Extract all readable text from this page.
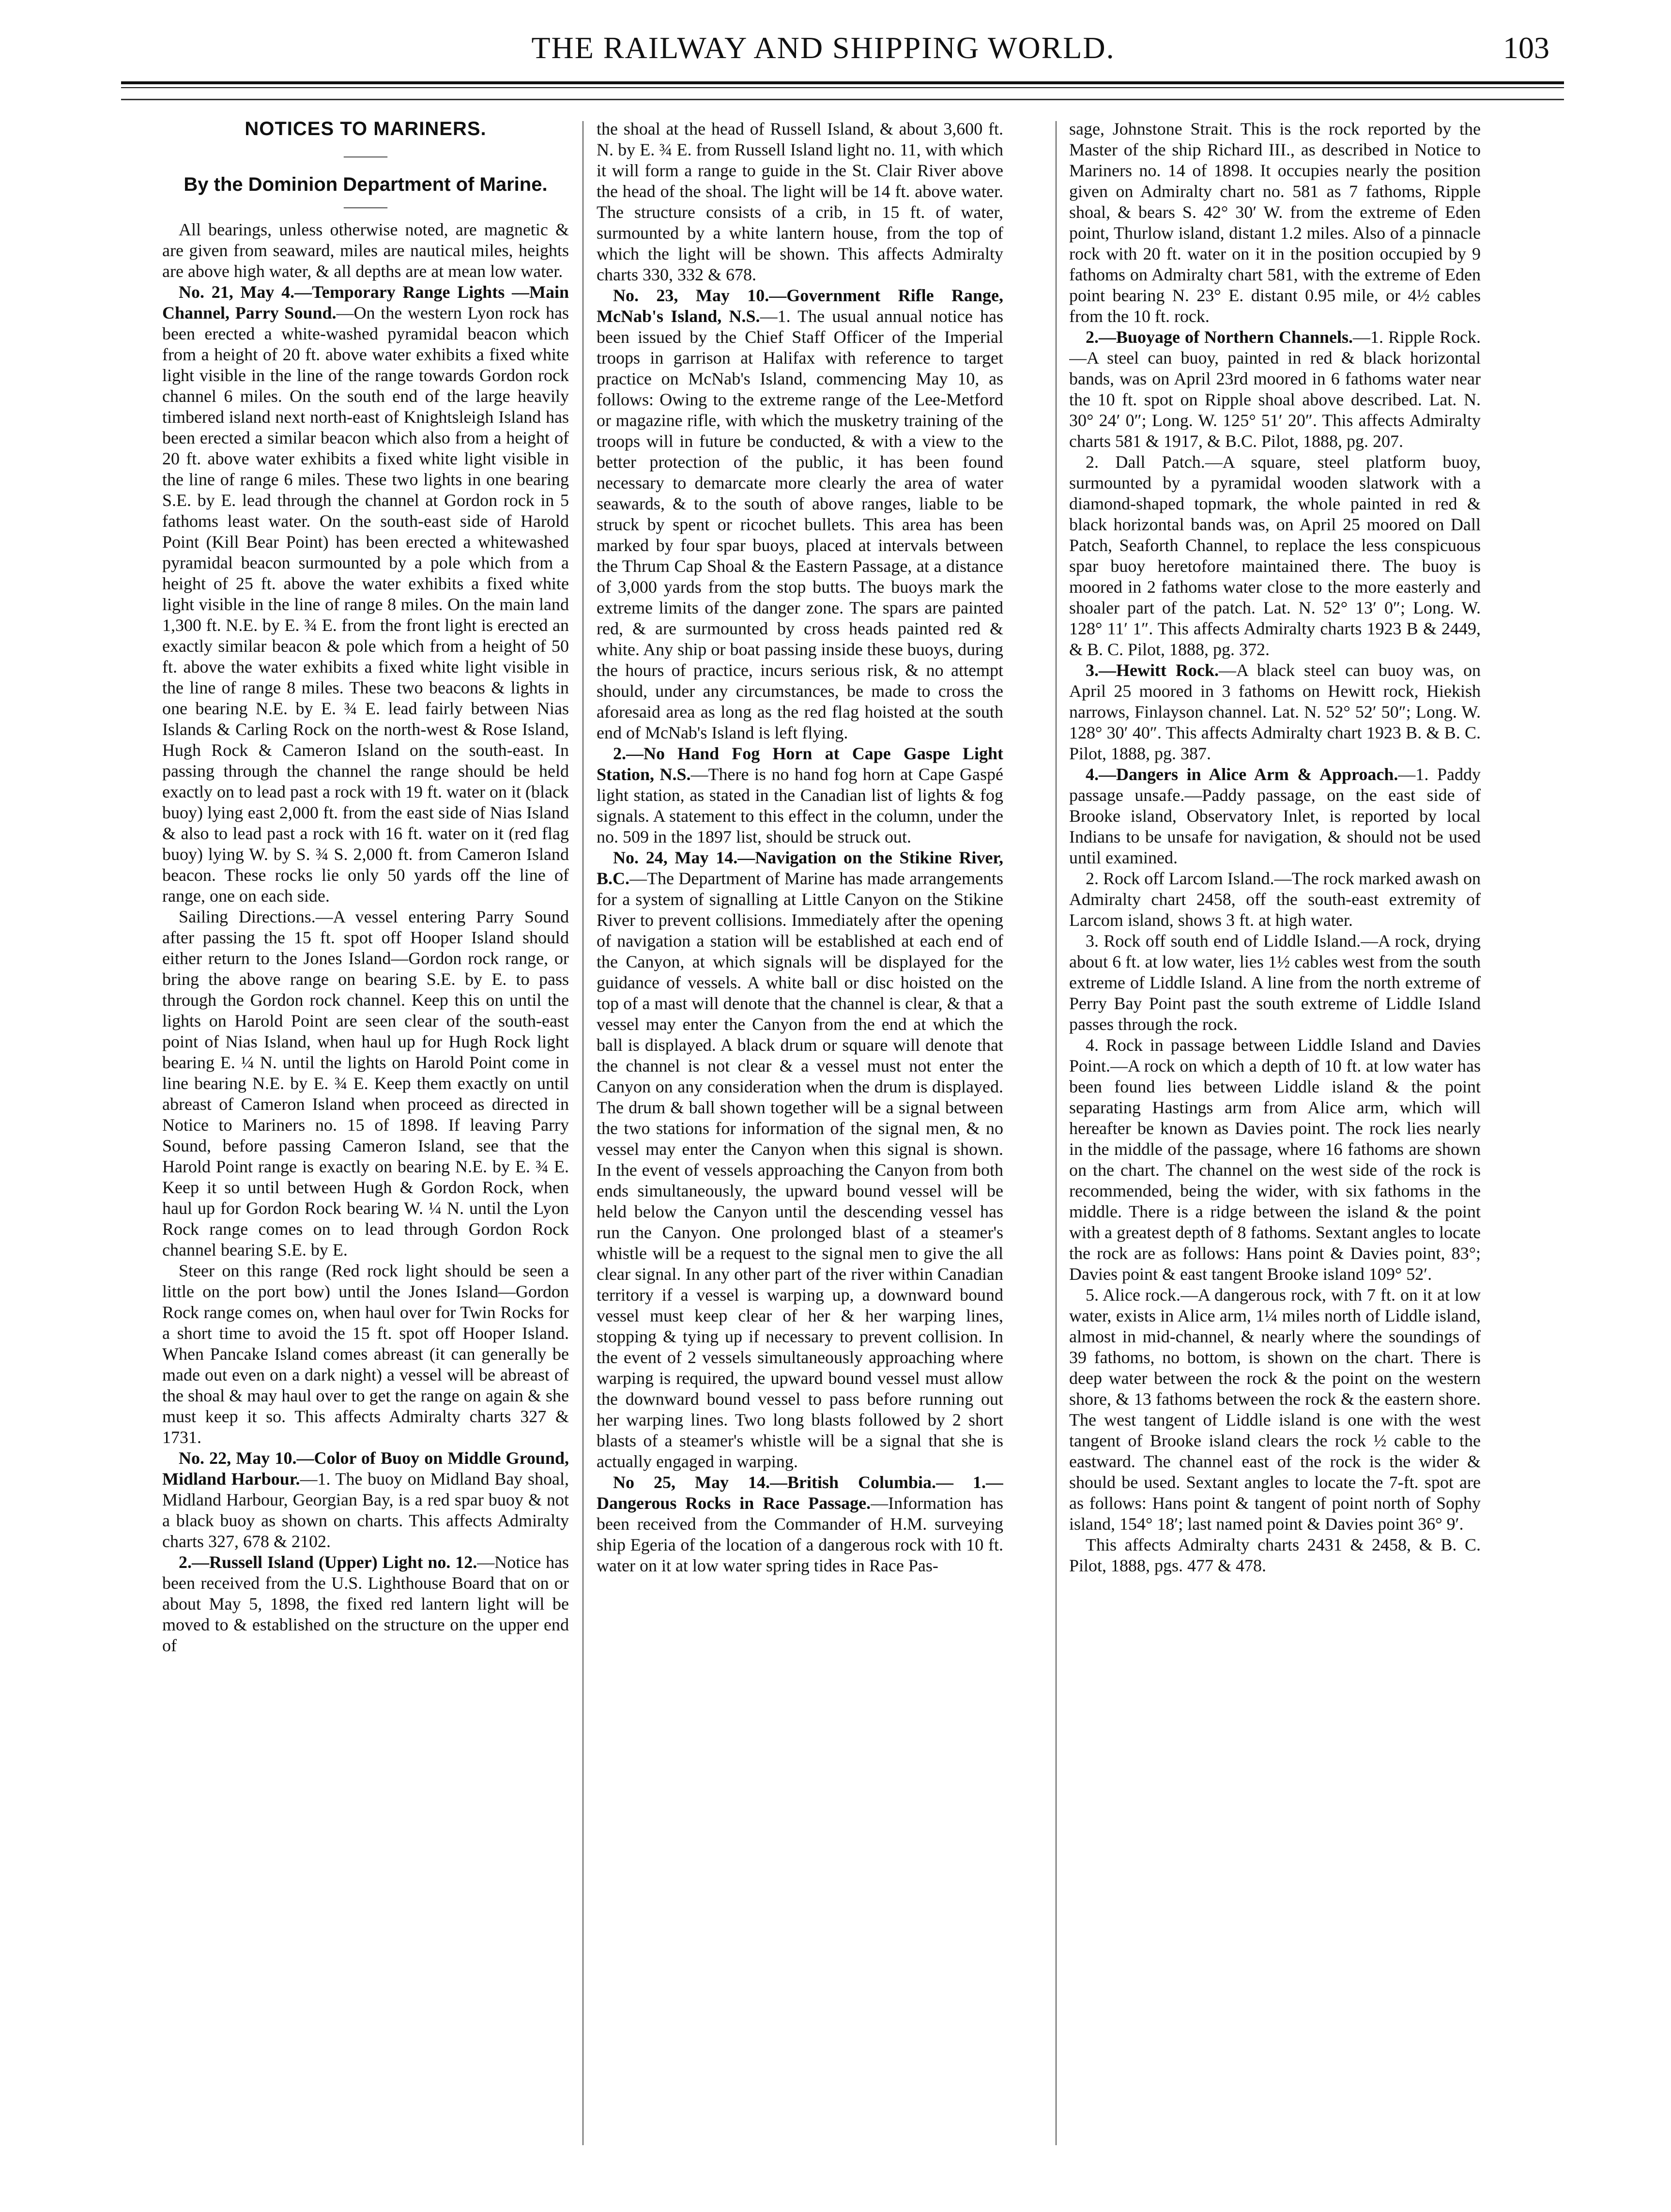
THE RAILWAY AND SHIPPING WORLD.	103
NOTICES TO MARINERS.
———
By the Dominion Department of Marine.
———

All bearings, unless otherwise noted, are magnetic & are given from seaward, miles are nautical miles, heights are above high water, & all depths are at mean low water.

No. 21, May 4.—Temporary Range Lights —Main Channel, Parry Sound.—On the western Lyon rock has been erected a white-washed pyramidal beacon which from a height of 20 ft. above water exhibits a fixed white light visible in the line of the range towards Gordon rock channel 6 miles. On the south end of the large heavily timbered island next north-east of Knightsleigh Island has been erected a similar beacon which also from a height of 20 ft. above water exhibits a fixed white light visible in the line of range 6 miles. These two lights in one bearing S.E. by E. lead through the channel at Gordon rock in 5 fathoms least water. On the south-east side of Harold Point (Kill Bear Point) has been erected a whitewashed pyramidal beacon surmounted by a pole which from a height of 25 ft. above the water exhibits a fixed white light visible in the line of range 8 miles. On the main land 1,300 ft. N.E. by E. ¾ E. from the front light is erected an exactly similar beacon & pole which from a height of 50 ft. above the water exhibits a fixed white light visible in the line of range 8 miles. These two beacons & lights in one bearing N.E. by E. ¾ E. lead fairly between Nias Islands & Carling Rock on the north-west & Rose Island, Hugh Rock & Cameron Island on the south-east. In passing through the channel the range should be held exactly on to lead past a rock with 19 ft. water on it (black buoy) lying east 2,000 ft. from the east side of Nias Island & also to lead past a rock with 16 ft. water on it (red flag buoy) lying W. by S. ¾ S. 2,000 ft. from Cameron Island beacon. These rocks lie only 50 yards off the line of range, one on each side.

Sailing Directions.—A vessel entering Parry Sound after passing the 15 ft. spot off Hooper Island should either return to the Jones Island—Gordon rock range, or bring the above range on bearing S.E. by E. to pass through the Gordon rock channel. Keep this on until the lights on Harold Point are seen clear of the south-east point of Nias Island, when haul up for Hugh Rock light bearing E. ¼ N. until the lights on Harold Point come in line bearing N.E. by E. ¾ E. Keep them exactly on until abreast of Cameron Island when proceed as directed in Notice to Mariners no. 15 of 1898. If leaving Parry Sound, before passing Cameron Island, see that the Harold Point range is exactly on bearing N.E. by E. ¾ E. Keep it so until between Hugh & Gordon Rock, when haul up for Gordon Rock bearing W. ¼ N. until the Lyon Rock range comes on to lead through Gordon Rock channel bearing S.E. by E.

Steer on this range (Red rock light should be seen a little on the port bow) until the Jones Island—Gordon Rock range comes on, when haul over for Twin Rocks for a short time to avoid the 15 ft. spot off Hooper Island. When Pancake Island comes abreast (it can generally be made out even on a dark night) a vessel will be abreast of the shoal & may haul over to get the range on again & she must keep it so. This affects Admiralty charts 327 & 1731.

No. 22, May 10.—Color of Buoy on Middle Ground, Midland Harbour.—1. The buoy on Midland Bay shoal, Midland Harbour, Georgian Bay, is a red spar buoy & not a black buoy as shown on charts. This affects Admiralty charts 327, 678 & 2102.

2.—Russell Island (Upper) Light no. 12.—Notice has been received from the U.S. Lighthouse Board that on or about May 5, 1898, the fixed red lantern light will be moved to & established on the structure on the upper end of

the shoal at the head of Russell Island, & about 3,600 ft. N. by E. ¾ E. from Russell Island light no. 11, with which it will form a range to guide in the St. Clair River above the head of the shoal. The light will be 14 ft. above water. The structure consists of a crib, in 15 ft. of water, surmounted by a white lantern house, from the top of which the light will be shown. This affects Admiralty charts 330, 332 & 678.

No. 23, May 10.—Government Rifle Range, McNab's Island, N.S.—1. The usual annual notice has been issued by the Chief Staff Officer of the Imperial troops in garrison at Halifax with reference to target practice on McNab's Island, commencing May 10, as follows: Owing to the extreme range of the Lee-Metford or magazine rifle, with which the musketry training of the troops will in future be conducted, & with a view to the better protection of the public, it has been found necessary to demarcate more clearly the area of water seawards, & to the south of above ranges, liable to be struck by spent or ricochet bullets. This area has been marked by four spar buoys, placed at intervals between the Thrum Cap Shoal & the Eastern Passage, at a distance of 3,000 yards from the stop butts. The buoys mark the extreme limits of the danger zone. The spars are painted red, & are surmounted by cross heads painted red & white. Any ship or boat passing inside these buoys, during the hours of practice, incurs serious risk, & no attempt should, under any circumstances, be made to cross the aforesaid area as long as the red flag hoisted at the south end of McNab's Island is left flying.

2.—No Hand Fog Horn at Cape Gaspe Light Station, N.S.—There is no hand fog horn at Cape Gaspé light station, as stated in the Canadian list of lights & fog signals. A statement to this effect in the column, under the no. 509 in the 1897 list, should be struck out.

No. 24, May 14.—Navigation on the Stikine River, B.C.—The Department of Marine has made arrangements for a system of signalling at Little Canyon on the Stikine River to prevent collisions. Immediately after the opening of navigation a station will be established at each end of the Canyon, at which signals will be displayed for the guidance of vessels. A white ball or disc hoisted on the top of a mast will denote that the channel is clear, & that a vessel may enter the Canyon from the end at which the ball is displayed. A black drum or square will denote that the channel is not clear & a vessel must not enter the Canyon on any consideration when the drum is displayed. The drum & ball shown together will be a signal between the two stations for information of the signal men, & no vessel may enter the Canyon when this signal is shown. In the event of vessels approaching the Canyon from both ends simultaneously, the upward bound vessel will be held below the Canyon until the descending vessel has run the Canyon. One prolonged blast of a steamer's whistle will be a request to the signal men to give the all clear signal. In any other part of the river within Canadian territory if a vessel is warping up, a downward bound vessel must keep clear of her & her warping lines, stopping & tying up if necessary to prevent collision. In the event of 2 vessels simultaneously approaching where warping is required, the upward bound vessel must allow the downward bound vessel to pass before running out her warping lines. Two long blasts followed by 2 short blasts of a steamer's whistle will be a signal that she is actually engaged in warping.

No 25, May 14.—British Columbia.— 1.—Dangerous Rocks in Race Passage.—Information has been received from the Commander of H.M. surveying ship Egeria of the location of a dangerous rock with 10 ft. water on it at low water spring tides in Race Pas-

sage, Johnstone Strait. This is the rock reported by the Master of the ship Richard III., as described in Notice to Mariners no. 14 of 1898. It occupies nearly the position given on Admiralty chart no. 581 as 7 fathoms, Ripple shoal, & bears S. 42° 30′ W. from the extreme of Eden point, Thurlow island, distant 1.2 miles. Also of a pinnacle rock with 20 ft. water on it in the position occupied by 9 fathoms on Admiralty chart 581, with the extreme of Eden point bearing N. 23° E. distant 0.95 mile, or 4½ cables from the 10 ft. rock.

2.—Buoyage of Northern Channels.—1. Ripple Rock.—A steel can buoy, painted in red & black horizontal bands, was on April 23rd moored in 6 fathoms water near the 10 ft. spot on Ripple shoal above described. Lat. N. 30° 24′ 0″; Long. W. 125° 51′ 20″. This affects Admiralty charts 581 & 1917, & B.C. Pilot, 1888, pg. 207.

2. Dall Patch.—A square, steel platform buoy, surmounted by a pyramidal wooden slatwork with a diamond-shaped topmark, the whole painted in red & black horizontal bands was, on April 25 moored on Dall Patch, Seaforth Channel, to replace the less conspicuous spar buoy heretofore maintained there. The buoy is moored in 2 fathoms water close to the more easterly and shoaler part of the patch. Lat. N. 52° 13′ 0″; Long. W. 128° 11′ 1″. This affects Admiralty charts 1923 B & 2449, & B. C. Pilot, 1888, pg. 372.

3.—Hewitt Rock.—A black steel can buoy was, on April 25 moored in 3 fathoms on Hewitt rock, Hiekish narrows, Finlayson channel. Lat. N. 52° 52′ 50″; Long. W. 128° 30′ 40″. This affects Admiralty chart 1923 B. & B. C. Pilot, 1888, pg. 387.

4.—Dangers in Alice Arm & Approach.—1. Paddy passage unsafe.—Paddy passage, on the east side of Brooke island, Observatory Inlet, is reported by local Indians to be unsafe for navigation, & should not be used until examined.

2. Rock off Larcom Island.—The rock marked awash on Admiralty chart 2458, off the south-east extremity of Larcom island, shows 3 ft. at high water.

3. Rock off south end of Liddle Island.—A rock, drying about 6 ft. at low water, lies 1½ cables west from the south extreme of Liddle Island. A line from the north extreme of Perry Bay Point past the south extreme of Liddle Island passes through the rock.

4. Rock in passage between Liddle Island and Davies Point.—A rock on which a depth of 10 ft. at low water has been found lies between Liddle island & the point separating Hastings arm from Alice arm, which will hereafter be known as Davies point. The rock lies nearly in the middle of the passage, where 16 fathoms are shown on the chart. The channel on the west side of the rock is recommended, being the wider, with six fathoms in the middle. There is a ridge between the island & the point with a greatest depth of 8 fathoms. Sextant angles to locate the rock are as follows: Hans point & Davies point, 83°; Davies point & east tangent Brooke island 109° 52′.

5. Alice rock.—A dangerous rock, with 7 ft. on it at low water, exists in Alice arm, 1¼ miles north of Liddle island, almost in mid-channel, & nearly where the soundings of 39 fathoms, no bottom, is shown on the chart. There is deep water between the rock & the point on the western shore, & 13 fathoms between the rock & the eastern shore. The west tangent of Liddle island is one with the west tangent of Brooke island clears the rock ½ cable to the eastward. The channel east of the rock is the wider & should be used. Sextant angles to locate the 7-ft. spot are as follows: Hans point & tangent of point north of Sophy island, 154° 18′; last named point & Davies point 36° 9′.

This affects Admiralty charts 2431 & 2458, & B. C. Pilot, 1888, pgs. 477 & 478.
